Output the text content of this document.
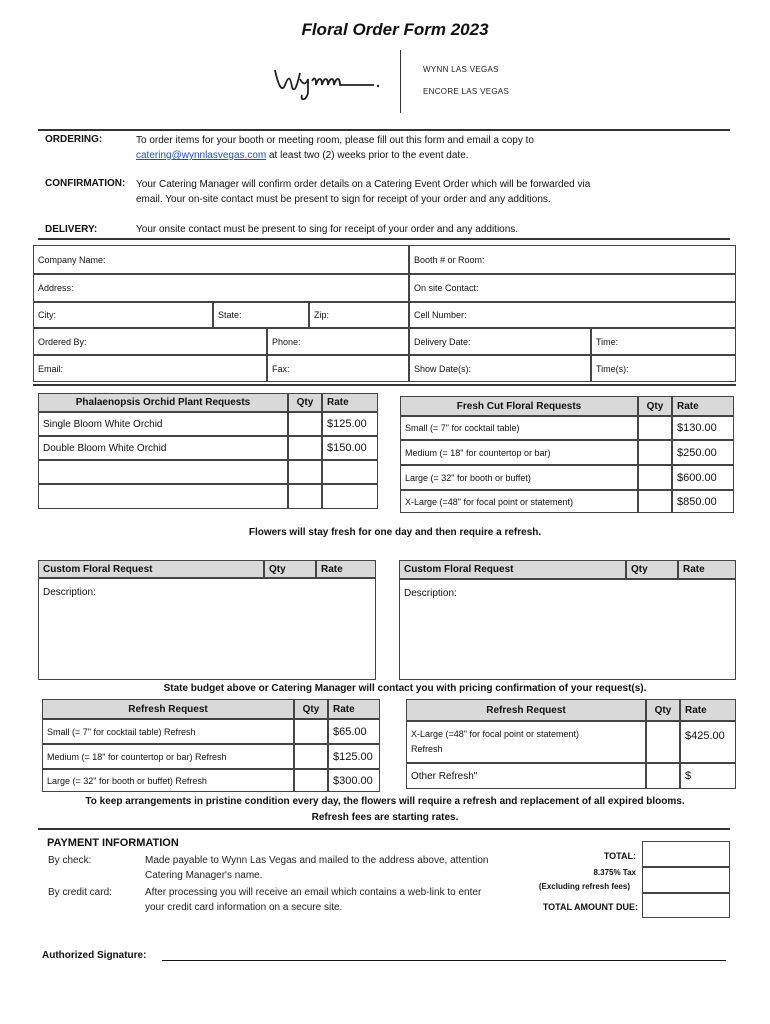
Floral Order Form 2023
WYNN LAS VEGAS
ENCORE LAS VEGAS
ORDERING:	To order items for your booth or meeting room, please fill out this form and email a copy to
catering@wynnlasvegas.com at least two (2) weeks prior to the event date.
CONFIRMATION: Your Catering Manager will confirm order details on a Catering Event Order which will be forwarded via
email. Your on-site contact must be present to sign for receipt of your order and any additions.
DELIVERY:	Your onsite contact must be present to sing for receipt of your order and any additions.
Company Name:	Booth # or Room:
Address:	On site Contact:
City:	State:	Zip:	Cell Number:
Ordered By:	Phone:	Delivery Date:	Time:
Email:	Fax:	Show Date(s):	Time(s):
Phalaenopsis Orchid Plant Requests	Qty	Rate
Single Bloom White Orchid	$125.00
Double Bloom White Orchid	$150.00
Fresh Cut Floral Requests	Qty	Rate
Small (= 7" for cocktail table)	$130.00
Medium (= 18" for countertop or bar)	$250.00
Large (= 32" for booth or buffet)	$600.00
X-Large (=48" for focal point or statement)	$850.00
Flowers will stay fresh for one day and then require a refresh.
Custom Floral Request	Qty	Rate
Description:
Custom Floral Request	Qty	Rate
Description:
State budget above or Catering Manager will contact you with pricing confirmation of your request(s).
Refresh Request	Qty	Rate
Small (= 7" for cocktail table) Refresh	$65.00
Medium (= 18" for countertop or bar) Refresh	$125.00
Large (= 32" for booth or buffet) Refresh	$300.00
Refresh Request	Qty	Rate
X-Large (=48" for focal point or statement)
Refresh
$425.00
Other Refresh"	$
To keep arrangements in pristine condition every day, the flowers will require a refresh and replacement of all expired blooms.
Refresh fees are starting rates.
PAYMENT INFORMATION
By check:	Made payable to Wynn Las Vegas and mailed to the address above, attention
Catering Manager's name.
By credit card:	After processing you will receive an email which contains a web-link to enter
your credit card information on a secure site.
TOTAL:
8.375% Tax
(Excluding refresh fees)
TOTAL AMOUNT DUE:
Authorized Signature:
